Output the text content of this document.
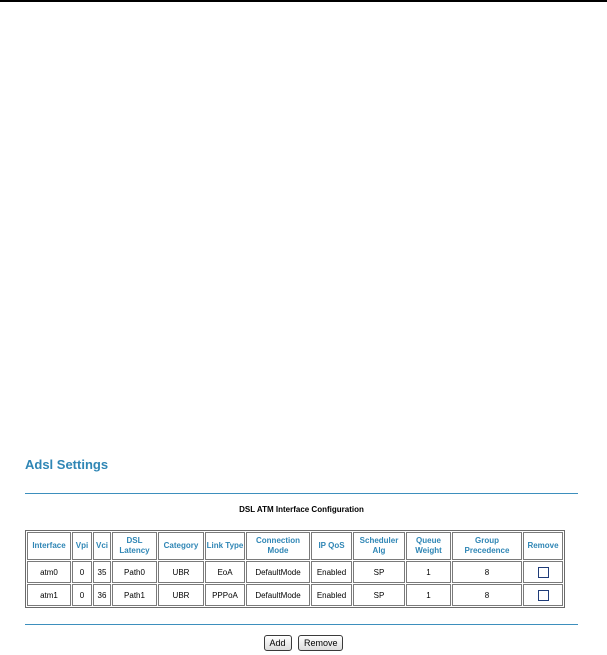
Adsl Settings
DSL ATM Interface Configuration
Interface	Vpi	Vci	DSL Latency	Category	Link Type	Connection Mode	IP QoS	Scheduler Alg	Queue Weight	Group Precedence	Remove
atm0	0	35	Path0	UBR	EoA	DefaultMode	Enabled	SP	1	8	
atm1	0	36	Path1	UBR	PPPoA	DefaultMode	Enabled	SP	1	8	
Add Remove
